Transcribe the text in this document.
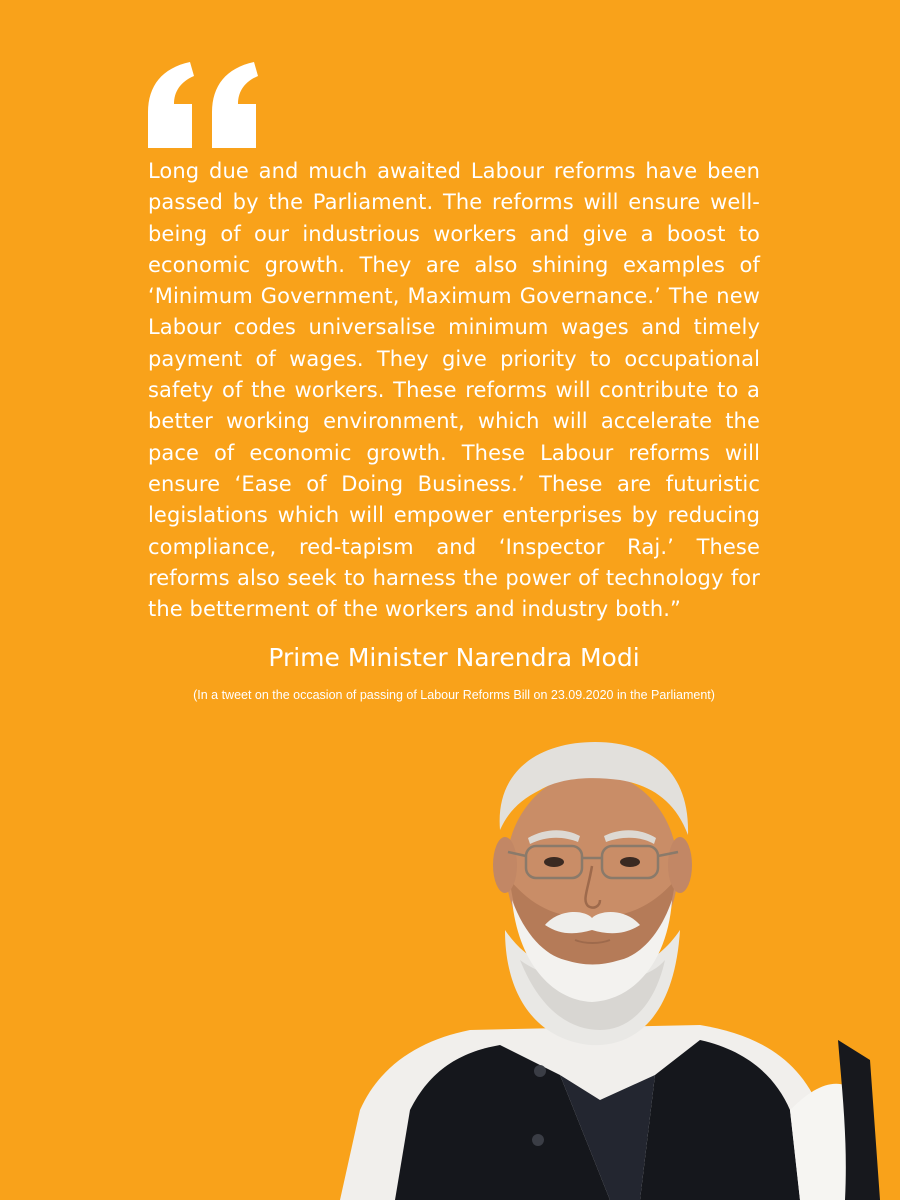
Long due and much awaited Labour reforms have been passed by the Parliament. The reforms will ensure well-being of our industrious workers and give a boost to economic growth. They are also shining examples of ‘Minimum Government, Maximum Governance.’ The new Labour codes universalise minimum wages and timely payment of wages. They give priority to occupational safety of the workers. These reforms will contribute to a better working environment, which will accelerate the pace of economic growth. These Labour reforms will ensure ‘Ease of Doing Business.’ These are futuristic legislations which will empower enterprises by reducing compliance, red-tapism and ‘Inspector Raj.’ These reforms also seek to harness the power of technology for the betterment of the workers and industry both.”

Prime Minister Narendra Modi

(In a tweet on the occasion of passing of Labour Reforms Bill on 23.09.2020 in the Parliament)
